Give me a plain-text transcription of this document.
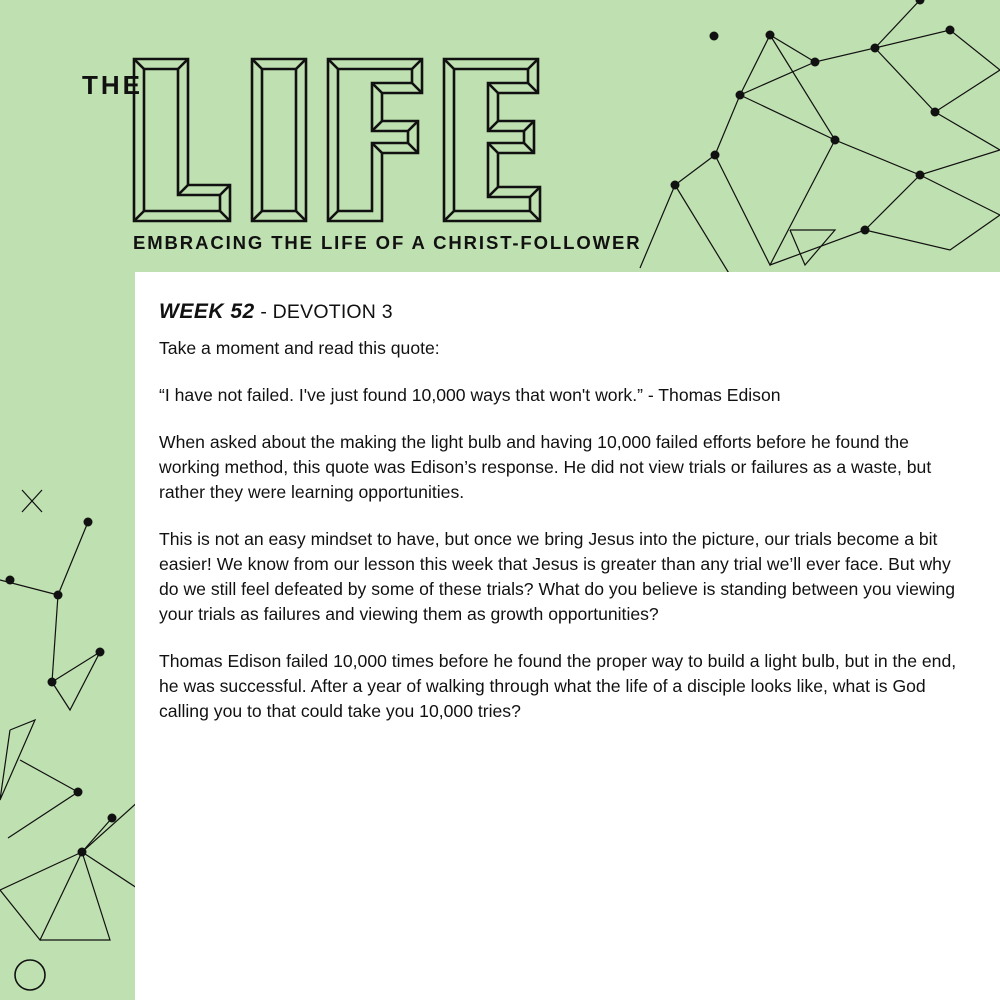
THE
EMBRACING THE LIFE OF A CHRIST-FOLLOWER
WEEK 52 - DEVOTION 3

Take a moment and read this quote:

“I have not failed. I've just found 10,000 ways that won't work.” - Thomas Edison

When asked about the making the light bulb and having 10,000 failed efforts before he found the working method, this quote was Edison’s response. He did not view trials or failures as a waste, but rather they were learning opportunities.

This is not an easy mindset to have, but once we bring Jesus into the picture, our trials become a bit easier! We know from our lesson this week that Jesus is greater than any trial we’ll ever face. But why do we still feel defeated by some of these trials? What do you believe is standing between you viewing your trials as failures and viewing them as growth opportunities?

Thomas Edison failed 10,000 times before he found the proper way to build a light bulb, but in the end, he was successful. After a year of walking through what the life of a disciple looks like, what is God calling you to that could take you 10,000 tries?
